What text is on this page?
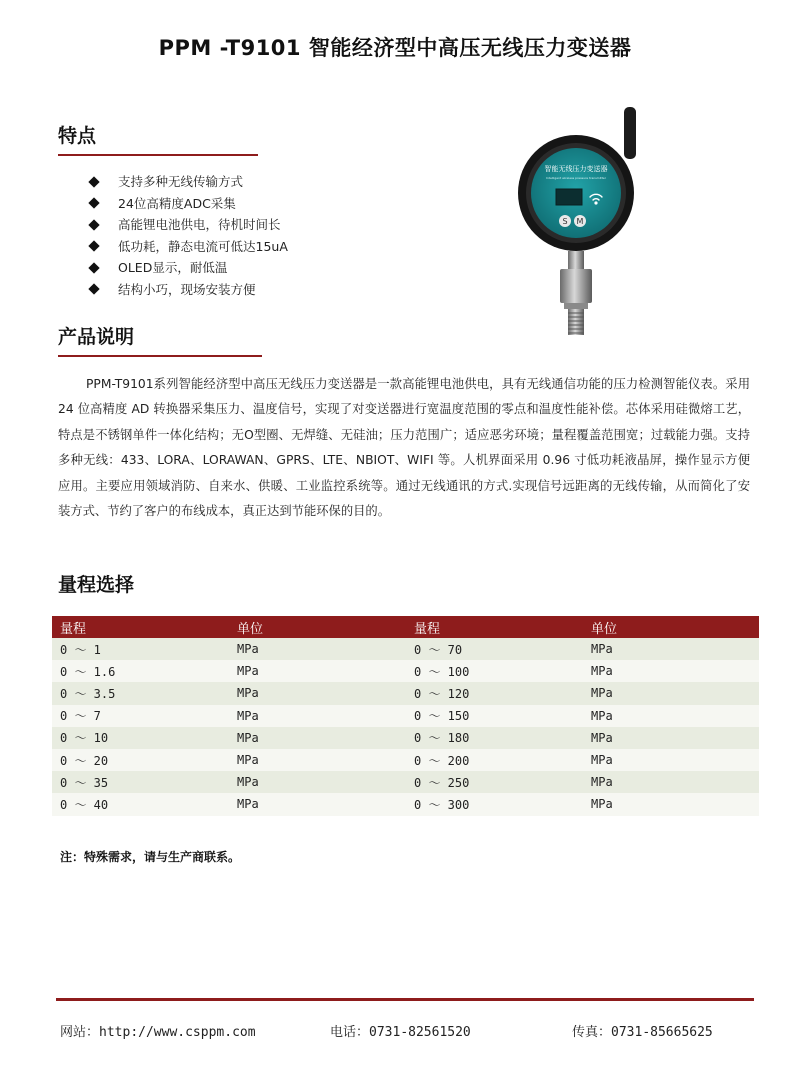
PPM -T9101 智能经济型中高压无线压力变送器
特点
支持多种无线传输方式
24位高精度ADC采集
高能锂电池供电，待机时间长
低功耗，静态电流可低达15uA
OLED显示，耐低温
结构小巧，现场安装方便
智能无线压力变送器
Intelligent wireless pressure transmitter
S M
产品说明

PPM-T9101系列智能经济型中高压无线压力变送器是一款高能锂电池供电，具有无线通信功能的压力检测智能仪表。采用 24 位高精度 AD 转换器采集压力、温度信号，实现了对变送器进行宽温度范围的零点和温度性能补偿。芯体采用硅微熔工艺，特点是不锈钢单件一体化结构；无O型圈、无焊缝、无硅油；压力范围广；适应恶劣环境；量程覆盖范围宽；过载能力强。支持多种无线：433、LORA、LORAWAN、GPRS、LTE、NBIOT、WIFI 等。人机界面采用 0.96 寸低功耗液晶屏，操作显示方便应用。主要应用领域消防、自来水、供暖、工业监控系统等。通过无线通讯的方式.实现信号远距离的无线传输，从而简化了安装方式、节约了客户的布线成本，真正达到节能环保的目的。

量程选择
量程	单位	量程	单位
0 ～ 1	MPa	0 ～ 70	MPa
0 ～ 1.6	MPa	0 ～ 100	MPa
0 ～ 3.5	MPa	0 ～ 120	MPa
0 ～ 7	MPa	0 ～ 150	MPa
0 ～ 10	MPa	0 ～ 180	MPa
0 ～ 20	MPa	0 ～ 200	MPa
0 ～ 35	MPa	0 ～ 250	MPa
0 ～ 40	MPa	0 ～ 300	MPa
注：特殊需求，请与生产商联系。
网站：http://www.csppm.com	电话：0731-82561520	传真：0731-85665625
